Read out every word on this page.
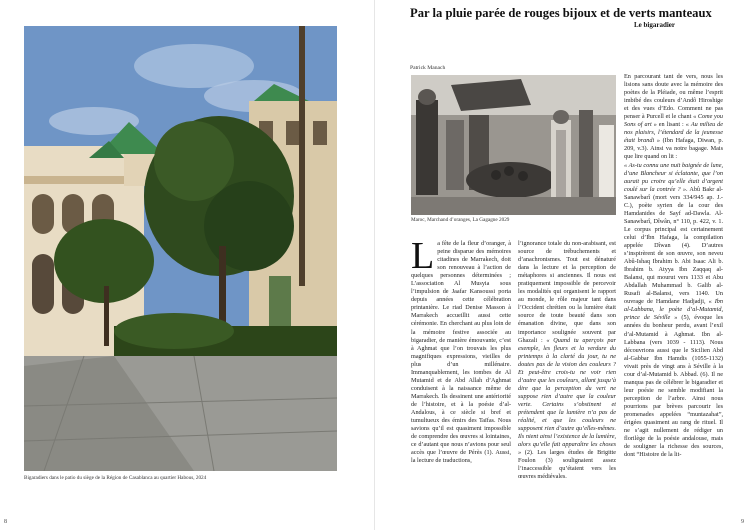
Bigaradiers dans le patio du siège de la Région de Casablanca au quartier Habous, 2024
8
Par la pluie parée de rouges bijoux et de verts manteaux
Le bigaradier
Patrick Manach
Maroc, Marchand d’oranges, La Gagagne 2029

La fête de la fleur d’oranger, à peine disparue des mémoires citadines de Marrakech, doit son renouveau à l’action de quelques personnes déterminées ; L’association Al Musyia sous l’impulsion de Jaafar Kansoussi porta depuis années cette célébration printanière. Le riad Denise Masson à Marrakech accueillit aussi cette cérémonie. En cherchant au plus loin de la mémoire festive associée au bigaradier, de manière émouvante, c’est à Aghmat que l’on trouvais les plus magnifiques expressions, vieilles de plus d’un millénaire. Immanquablement, les tombes de Al Mutamid et de Abd Allah d’Aghmat conduisent à la naissance même de Marrakech. Ils dessinent une antériorité de l’histoire, et à la poésie d’al-Andalous, à ce siècle si bref et tumultueux des émirs des Taïfas. Nous savions qu’il est quasiment impossible de comprendre des œuvres si lointaines, ce d’autant que nous n’avions pour seul accès que l’œuvre de Pérès (1). Aussi, la lecture de traductions,

l’ignorance totale du non-arabisant, est source de trébuchements et d’anachronismes. Tout est dénaturé dans la lecture et la perception de métaphores si anciennes. Il nous est pratiquement impossible de percevoir les modalités qui organisent le rapport au monde, le rôle majeur tant dans l’Occident chrétien ou la lumière était source de toute beauté dans son émanation divine, que dans son importance soulignée souvent par Ghazali : « Quand tu aperçois par exemple, les fleurs et la verdure du printemps à la clarté du jour, tu ne doutes pas de la vision des couleurs ? Et peut-être crois-tu ne voir rien d’autre que les couleurs, allant jusqu’à dire que la perception du vert ne suppose rien d’autre que la couleur verte. Certains s’obstinent et prétendent que la lumière n’a pas de réalité, et que les couleurs ne supposent rien d’autre qu’elles-mêmes. Ils nient ainsi l’existence de la lumière, alors qu’elle fait apparaître les choses » (2). Les larges études de Brigitte Foulon (3) soulignaient assez l’inaccessible qu’étaient vers les œuvres médiévales.

En parcourant tant de vers, nous les lisions sans doute avec la mémoire des poètes de la Pléiade, ou même l’esprit imbibé des couleurs d’Andô Hiroshige et des vues d’Edo. Comment ne pas penser à Purcell et le chant « Come you Sons of art » en lisant : « Au milieu de nos plaisirs, l’étendard de la jeunesse était brandi » (Ibn Hafaga, Diwan, p. 209, v.3). Ainsi va notre bagage. Mais que lire quand on lit :

« As-tu connu une nuit baignée de lune, d’une Blancheur si éclatante, que l’on aurait pu croire qu’elle était d’argent coulé sur la contrée ? ». Abû Bakr al-Sanawbarî (mort vers 334/945 ap. J.-C.), poète syrien de la cour des Hamdanides de Sayf ad-Dawla. Al-Sanawbarî, Dîwân, n° 110, p. 422, v. 1. Le corpus principal est certainement celui d’Ibn Hafaga, la compilation appelée Dîwan (4). D’autres s’inspirèrent de son œuvre, son neveu Abû-Ishaq Ibrahim b. Abi Isaac Ali b. Ibrahim b. Atyya Ibn Zaqqaq al-Balansi, qui mourut vers 1133 et Abu Abdallah Muhammad b. Galib al-Rusafi al-Balansi, vers 1140. Un ouvrage de Hamdane Hadjadji, « Ibn al-Labbana, le poète d’al-Mutamid, prince de Séville » (5), évoque les années du bonheur perdu, avant l’exil d’al-Mutamid à Aghmat. Ibn al-Labbana (vers 1039 - 1113). Nous découvrions aussi que le Sicilien Abd al-Gabbar Ibn Hamdis (1055-1132) vivait près de vingt ans à Séville à la cour d’al-Mutamid b. Abbad. (6). Il ne manqua pas de célébrer le bigaradier et leur poésie ne semble modifiant la perception de l’arbre. Ainsi nous pourrions par brèves parcourir les promenades appelées “muntazahat”, érigées quasiment au rang de rituel. Il ne s’agit nullement de rédiger un florilège de la poésie andalouse, mais de souligner la richesse des sources, dont “Histoire de la lit-

9
